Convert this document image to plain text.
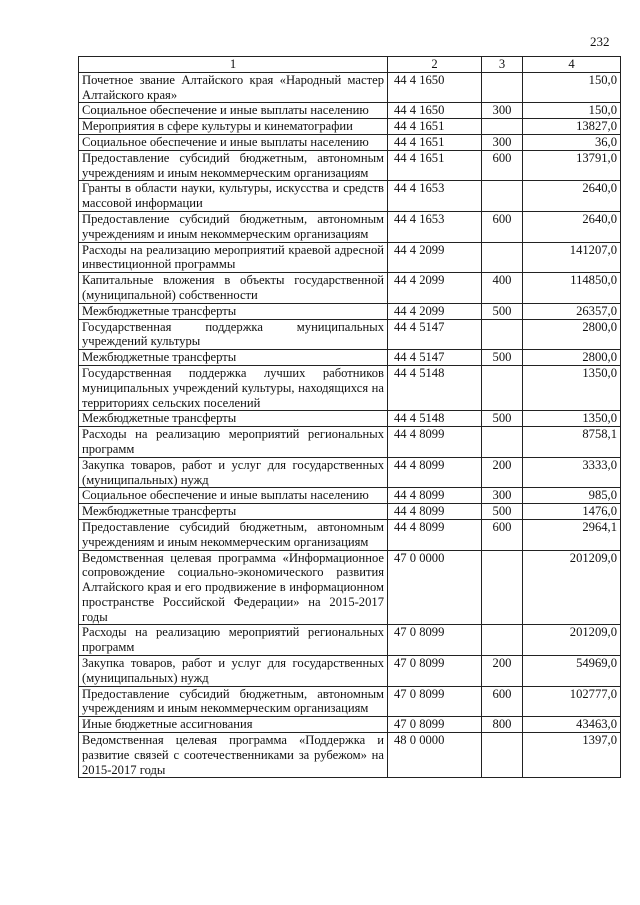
232
1	2	3	4
Почетное звание Алтайского края «Народный мастер Алтайского края»	44 4 1650		150,0
Социальное обеспечение и иные выплаты населению	44 4 1650	300	150,0
Мероприятия в сфере культуры и кинематографии	44 4 1651		13827,0
Социальное обеспечение и иные выплаты населению	44 4 1651	300	36,0
Предоставление субсидий бюджетным, автономным учреждениям и иным некоммерческим организациям	44 4 1651	600	13791,0
Гранты в области науки, культуры, искусства и средств массовой информации	44 4 1653		2640,0
Предоставление субсидий бюджетным, автономным учреждениям и иным некоммерческим организациям	44 4 1653	600	2640,0
Расходы на реализацию мероприятий краевой адресной инвестиционной программы	44 4 2099		141207,0
Капитальные вложения в объекты государственной (муниципальной) собственности	44 4 2099	400	114850,0
Межбюджетные трансферты	44 4 2099	500	26357,0
Государственная поддержка муниципальных учреждений культуры	44 4 5147		2800,0
Межбюджетные трансферты	44 4 5147	500	2800,0
Государственная поддержка лучших работников муниципальных учреждений культуры, находящихся на территориях сельских поселений	44 4 5148		1350,0
Межбюджетные трансферты	44 4 5148	500	1350,0
Расходы на реализацию мероприятий региональных программ	44 4 8099		8758,1
Закупка товаров, работ и услуг для государственных (муниципальных) нужд	44 4 8099	200	3333,0
Социальное обеспечение и иные выплаты населению	44 4 8099	300	985,0
Межбюджетные трансферты	44 4 8099	500	1476,0
Предоставление субсидий бюджетным, автономным учреждениям и иным некоммерческим организациям	44 4 8099	600	2964,1
Ведомственная целевая программа «Информационное сопровождение социально-экономического развития Алтайского края и его продвижение в информационном пространстве Российской Федерации» на 2015-2017 годы	47 0 0000		201209,0
Расходы на реализацию мероприятий региональных программ	47 0 8099		201209,0
Закупка товаров, работ и услуг для государственных (муниципальных) нужд	47 0 8099	200	54969,0
Предоставление субсидий бюджетным, автономным учреждениям и иным некоммерческим организациям	47 0 8099	600	102777,0
Иные бюджетные ассигнования	47 0 8099	800	43463,0
Ведомственная целевая программа «Поддержка и развитие связей с соотечественниками за рубежом» на 2015-2017 годы	48 0 0000		1397,0
